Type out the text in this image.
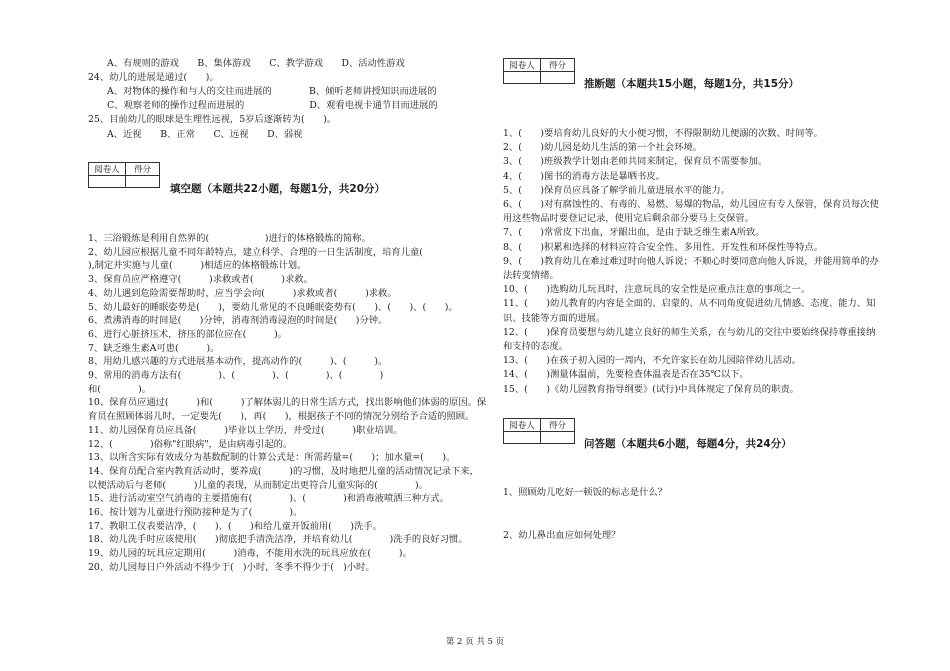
A、有规则的游戏　　B、集体游戏　　C、教学游戏　　D、活动性游戏
24、幼儿的进展是通过(　　)。
A、对物体的操作和与人的交往而进展的　　　　B、倾听老师讲授知识而进展的
C、观察老师的操作过程而进展的　　　　　　　D、观看电视卡通节目而进展的
25、目前幼儿的眼球是生理性远视，5岁后逐渐转为(　　)。
A、近视　　B、正常　　C、远视　　D、弱视
阅卷人	得分

填空题（本题共22小题，每题1分，共20分）
1、三浴锻炼是利用自然界的(　　　　　　)进行的体格锻炼的简称。
2、幼儿园应根据儿童不同年龄特点，建立科学、合理的一日生活制度，培育儿童(　　　　
),制定并实施与儿童(　　　)相适应的体格锻炼计划。
3、保育员应严格遵守(　　　)求救或者(　　　)求救。
4、幼儿遇到危险需要帮助时，应当学会向(　　　)求救或者(　　　)求救。
5、幼儿最好的睡眠姿势是(　　)，要幼儿常见的不良睡眠姿势有(　　)、(　　)、(　　)。
6、煮沸消毒的时间是(　　)分钟，消毒剂消毒浸泡的时间是(　　)分钟。
6、进行心脏挤压术，挤压的部位应在(　　　)。
7、缺乏维生素A可患(　　　)。
8、用幼儿感兴趣的方式进展基本动作，提高动作的(　　　)、(　　　)。
9、常用的消毒方法有(　　　　)、(　　　　)、(　　　　)、(　　　　)
和(　　　　)。
10、保育员应通过(　　　)和(　　　)了解体弱儿的日常生活方式，找出影响他们体弱的原因。保
育员在照顾体弱儿时，一定要先(　　)，再(　　)，根据孩子不同的情况分别给予合适的照顾。
11、幼儿园保育员应具备(　　　)毕业以上学历，并受过(　　　)职业培训。
12、(　　　　)俗称"红眼病"，是由病毒引起的。
13、以所含实际有效成分为基数配制的计算公式是：所需药量=(　　)；加水量=(　　)。
14、保育员配合室内教育活动时，要养成(　　　)的习惯，及时地把儿童的活动情况记录下来，
以便活动后与老师(　　　)儿童的表现，从而制定出更符合儿童实际的(　　　　)。
15、进行活动室空气消毒的主要措施有(　　　　)、(　　　　)和消毒液喷洒三种方式。
16、按计划为儿童进行预防接种是为了(　　　　)。
17、教职工仪表要洁净，(　　)、(　　)和给儿童开饭前用(　　)洗手。
18、幼儿洗手时应该使用(　　)彻底把手清洗洁净，并培育幼儿(　　　　)洗手的良好习惯。
19、幼儿园的玩具应定期用(　　　)消毒，不能用水洗的玩具应放在(　　　)。
20、幼儿园每日户外活动不得少于(　)小时，冬季不得少于(　)小时。
阅卷人	得分

推断题（本题共15小题，每题1分，共15分）
1、(　　)要培育幼儿良好的大小便习惯，不得限制幼儿便溺的次数、时间等。
2、(　　)幼儿园是幼儿生活的第一个社会环境。
3、(　　)班级教学计划由老师共同来制定，保育员不需要参加。
4、(　　)图书的消毒方法是暴晒书皮。
5、(　　)保育员应具备了解学前儿童进展水平的能力。
6、(　　)对有腐蚀性的、有毒的、易燃、易爆的物品，幼儿园应有专人保管，保育员每次使
用这些物品时要登记记录，使用完后剩余部分要马上交保管。
7、(　　)常常皮下出血，牙龈出血，是由于缺乏维生素A所致。
8、(　　)积累和选择的材料应符合安全性、多用性、开发性和环保性等特点。
9、(　　)教育幼儿在难过难过时向他人诉说；不顺心时要同意向他人诉说，并能用简单的办
法转变情绪。
10、(　　)选购幼儿玩具时，注意玩具的安全性是应重点注意的事项之一。
11、(　　)幼儿教育的内容是全面的、启蒙的、从不同角度促进幼儿情感、态度、能力、知
识、技能等方面的进展。
12、(　　)保育员要想与幼儿建立良好的师生关系，在与幼儿的交往中要始终保持尊重接纳
和支持的态度。
13、(　　)在孩子初入园的一周内，不允许家长在幼儿园陪伴幼儿活动。
14、(　　)测量体温前，先要检查体温表是否在35℃以下。
15、(　　)《幼儿园教育指导纲要》(试行)中具体规定了保育员的职责。
阅卷人	得分

问答题（本题共6小题，每题4分，共24分）
1、照顾幼儿吃好一顿饭的标志是什么？
2、幼儿鼻出血应如何处理？
第 2 页 共 5 页
